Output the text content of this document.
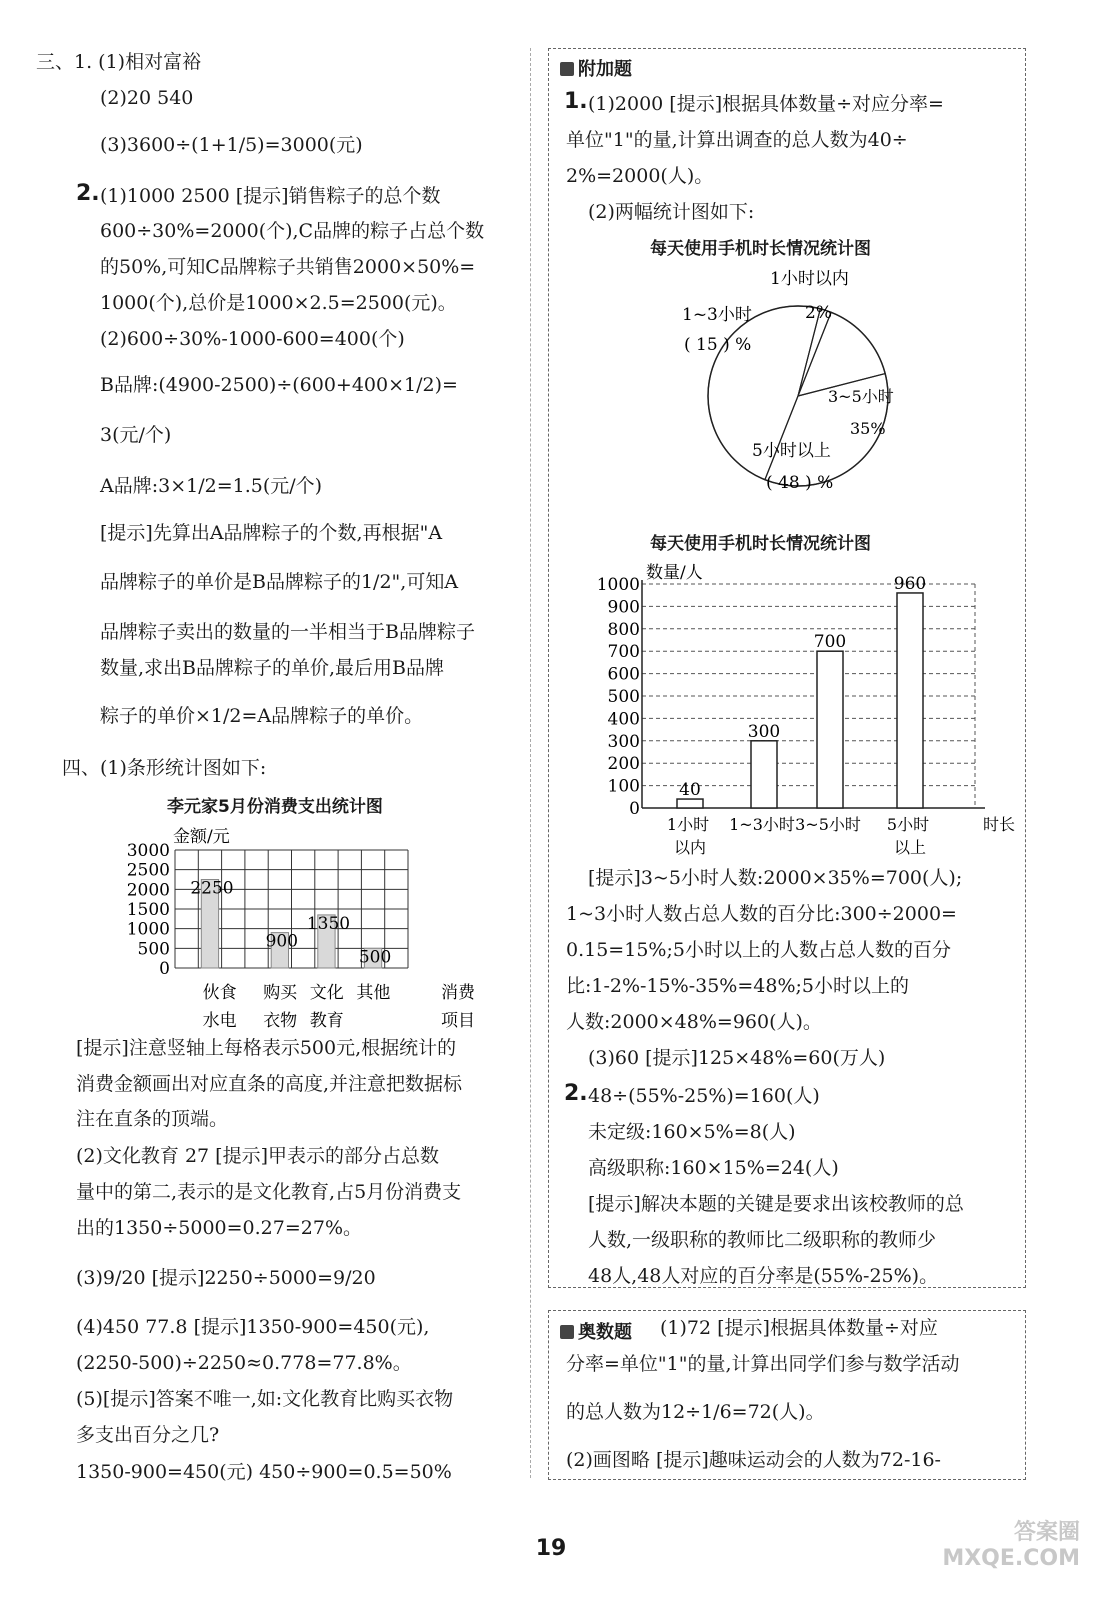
三、1. (1)相对富裕
(2)20 540
(3)3600÷(1+1/5)=3000(元)
2. (1)1000 2500 [提示]销售粽子的总个数
600÷30%=2000(个),C品牌的粽子占总个数
的50%,可知C品牌粽子共销售2000×50%=
1000(个),总价是1000×2.5=2500(元)。
(2)600÷30%-1000-600=400(个)
B品牌:(4900-2500)÷(600+400×1/2)=
3(元/个)
A品牌:3×1/2=1.5(元/个)
[提示]先算出A品牌粽子的个数,再根据"A
品牌粽子的单价是B品牌粽子的1/2",可知A
品牌粽子卖出的数量的一半相当于B品牌粽子
数量,求出B品牌粽子的单价,最后用B品牌
粽子的单价×1/2=A品牌粽子的单价。
四、(1)条形统计图如下:
李元家5月份消费支出统计图
0
500
1000
1500
2000
2500
3000
金额/元
2250
900
1350
500
伙食 购买 文化 其他
水电 衣物 教育
消费
项目
[提示]注意竖轴上每格表示500元,根据统计的
消费金额画出对应直条的高度,并注意把数据标
注在直条的顶端。
(2)文化教育 27 [提示]甲表示的部分占总数
量中的第二,表示的是文化教育,占5月份消费支
出的1350÷5000=0.27=27%。
(3)9/20 [提示]2250÷5000=9/20
(4)450 77.8 [提示]1350-900=450(元),
(2250-500)÷2250≈0.778=77.8%。
(5)[提示]答案不唯一,如:文化教育比购买衣物
多支出百分之几?
1350-900=450(元) 450÷900=0.5=50%
附加题
1. (1)2000 [提示]根据具体数量÷对应分率=
单位"1"的量,计算出调查的总人数为40÷
2%=2000(人)。
(2)两幅统计图如下:
每天使用手机时长情况统计图
1小时以内
2%
1~3小时
( 15 ) %
3~5小时
35%
5小时以上
( 48 ) %
每天使用手机时长情况统计图
0
100
200
300
400
500
600
700
800
900
1000
数量/人
40
1小时
以内
300
1~3小时
700
3~5小时
960
5小时
以上
时长
[提示]3~5小时人数:2000×35%=700(人);
1~3小时人数占总人数的百分比:300÷2000=
0.15=15%;5小时以上的人数占总人数的百分
比:1-2%-15%-35%=48%;5小时以上的
人数:2000×48%=960(人)。
(3)60 [提示]125×48%=60(万人)
2. 48÷(55%-25%)=160(人)
未定级:160×5%=8(人)
高级职称:160×15%=24(人)
[提示]解决本题的关键是要求出该校教师的总
人数,一级职称的教师比二级职称的教师少
48人,48人对应的百分率是(55%-25%)。
奥数题 (1)72 [提示]根据具体数量÷对应
分率=单位"1"的量,计算出同学们参与数学活动
的总人数为12÷1/6=72(人)。
(2)画图略 [提示]趣味运动会的人数为72-16-
19
答案圈 MXQE.COM
